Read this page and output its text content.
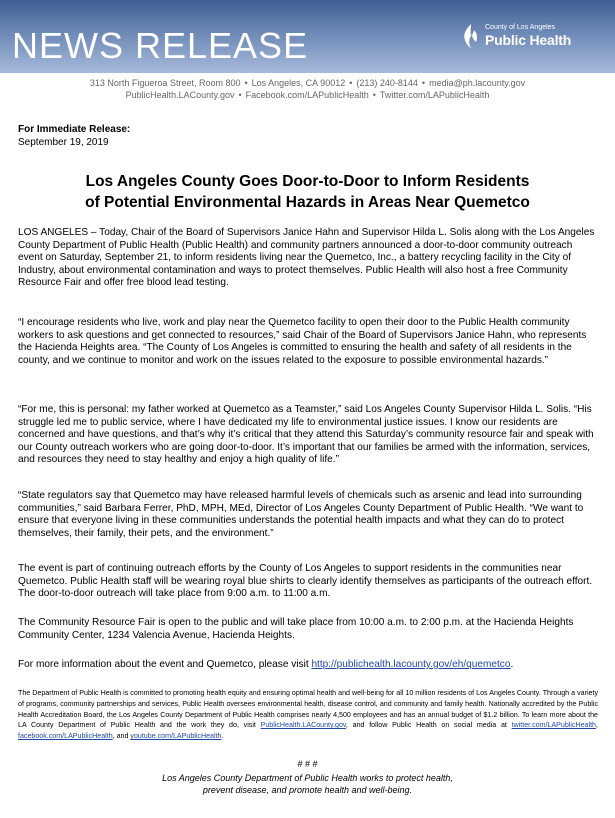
NEWS RELEASE	County of Los Angeles
Public Health
313 North Figueroa Street, Room 800 • Los Angeles, CA 90012 • (213) 240-8144 • media@ph.lacounty.gov
PublicHealth.LACounty.gov • Facebook.com/LAPublicHealth • Twitter.com/LAPublicHealth
For Immediate Release:
September 19, 2019
Los Angeles County Goes Door-to-Door to Inform Residents
of Potential Environmental Hazards in Areas Near Quemetco

LOS ANGELES – Today, Chair of the Board of Supervisors Janice Hahn and Supervisor Hilda L. Solis along with the Los Angeles County Department of Public Health (Public Health) and community partners announced a door-to-door community outreach event on Saturday, September 21, to inform residents living near the Quemetco, Inc., a battery recycling facility in the City of Industry, about environmental contamination and ways to protect themselves. Public Health will also host a free Community Resource Fair and offer free blood lead testing.

“I encourage residents who live, work and play near the Quemetco facility to open their door to the Public Health community workers to ask questions and get connected to resources,” said Chair of the Board of Supervisors Janice Hahn, who represents the Hacienda Heights area. “The County of Los Angeles is committed to ensuring the health and safety of all residents in the county, and we continue to monitor and work on the issues related to the exposure to possible environmental hazards.”

“For me, this is personal: my father worked at Quemetco as a Teamster,” said Los Angeles County Supervisor Hilda L. Solis. “His struggle led me to public service, where I have dedicated my life to environmental justice issues. I know our residents are concerned and have questions, and that’s why it’s critical that they attend this Saturday’s community resource fair and speak with our County outreach workers who are going door-to-door. It’s important that our families be armed with the information, services, and resources they need to stay healthy and enjoy a high quality of life.”

“State regulators say that Quemetco may have released harmful levels of chemicals such as arsenic and lead into surrounding communities,” said Barbara Ferrer, PhD, MPH, MEd, Director of Los Angeles County Department of Public Health. “We want to ensure that everyone living in these communities understands the potential health impacts and what they can do to protect themselves, their family, their pets, and the environment.”

The event is part of continuing outreach efforts by the County of Los Angeles to support residents in the communities near Quemetco. Public Health staff will be wearing royal blue shirts to clearly identify themselves as participants of the outreach effort. The door-to-door outreach will take place from 9:00 a.m. to 11:00 a.m.

The Community Resource Fair is open to the public and will take place from 10:00 a.m. to 2:00 p.m. at the Hacienda Heights Community Center, 1234 Valencia Avenue, Hacienda Heights.

For more information about the event and Quemetco, please visit http://publichealth.lacounty.gov/eh/quemetco.

The Department of Public Health is committed to promoting health equity and ensuring optimal health and well-being for all 10 million residents of Los Angeles County. Through a variety of programs, community partnerships and services, Public Health oversees environmental health, disease control, and community and family health. Nationally accredited by the Public Health Accreditation Board, the Los Angeles County Department of Public Health comprises nearly 4,500 employees and has an annual budget of $1.2 billion. To learn more about the LA County Department of Public Health and the work they do, visit PublicHealth.LACounty.gov, and follow Public Health on social media at twitter.com/LAPublicHealth, facebook.com/LAPublicHealth, and youtube.com/LAPublicHealth.

# # #
Los Angeles County Department of Public Health works to protect health,
prevent disease, and promote health and well-being.
